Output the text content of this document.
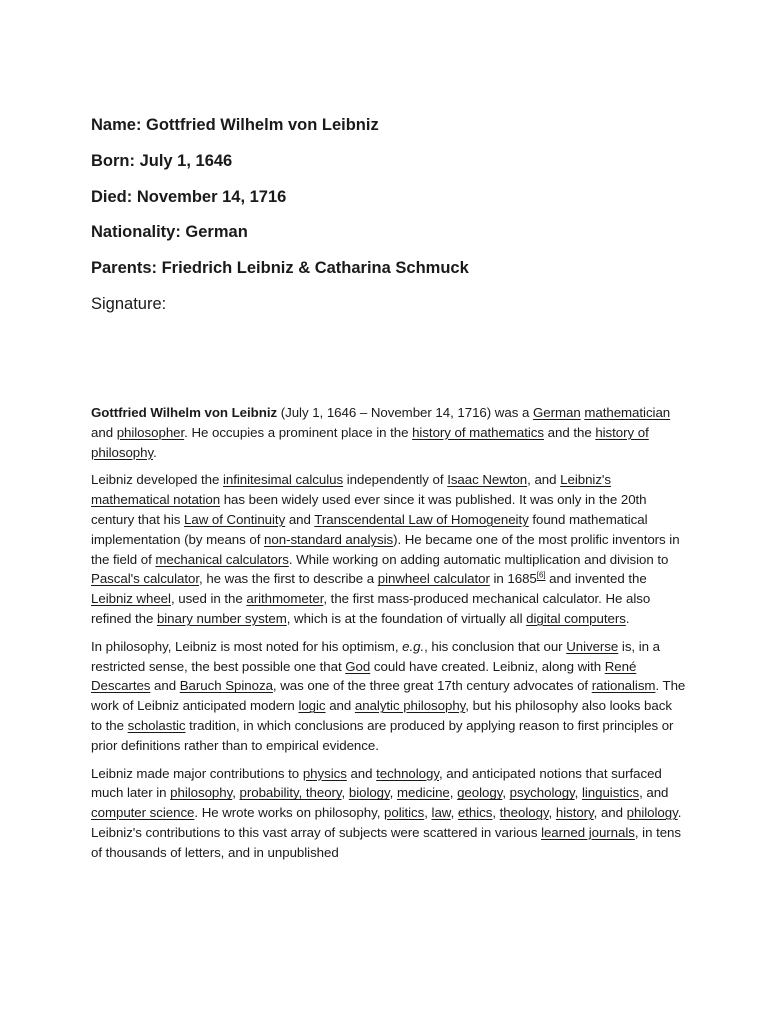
Name: Gottfried Wilhelm von Leibniz

Born: July 1, 1646

Died: November 14, 1716

Nationality: German

Parents: Friedrich Leibniz & Catharina Schmuck

Signature:

Gottfried Wilhelm von Leibniz (July 1, 1646 – November 14, 1716) was a German mathematician and philosopher. He occupies a prominent place in the history of mathematics and the history of philosophy.

Leibniz developed the infinitesimal calculus independently of Isaac Newton, and Leibniz's mathematical notation has been widely used ever since it was published. It was only in the 20th century that his Law of Continuity and Transcendental Law of Homogeneity found mathematical implementation (by means of non-standard analysis). He became one of the most prolific inventors in the field of mechanical calculators. While working on adding automatic multiplication and division to Pascal's calculator, he was the first to describe a pinwheel calculator in 1685[6] and invented the Leibniz wheel, used in the arithmometer, the first mass-produced mechanical calculator. He also refined the binary number system, which is at the foundation of virtually all digital computers.

In philosophy, Leibniz is most noted for his optimism, e.g., his conclusion that our Universe is, in a restricted sense, the best possible one that God could have created. Leibniz, along with René Descartes and Baruch Spinoza, was one of the three great 17th century advocates of rationalism. The work of Leibniz anticipated modern logic and analytic philosophy, but his philosophy also looks back to the scholastic tradition, in which conclusions are produced by applying reason to first principles or prior definitions rather than to empirical evidence.

Leibniz made major contributions to physics and technology, and anticipated notions that surfaced much later in philosophy, probability, theory, biology, medicine, geology, psychology, linguistics, and computer science. He wrote works on philosophy, politics, law, ethics, theology, history, and philology. Leibniz's contributions to this vast array of subjects were scattered in various learned journals, in tens of thousands of letters, and in unpublished
